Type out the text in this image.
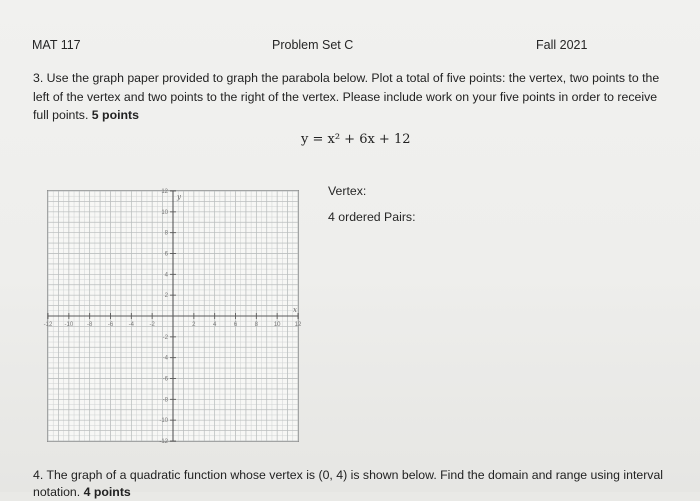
MAT 117	Problem Set C	Fall 2021
3. Use the graph paper provided to graph the parabola below. Plot a total of five points: the vertex, two points to the left of the vertex and two points to the right of the vertex. Please include work on your five points in order to receive full points. 5 points
y = x² + 6x + 12
-12 -10 -8	-6	-4	-2	2	4	6	8	10 12
12
10
8
6
4
2
-2
-4
-6
-8
-10
-12
x
y	Vertex:
4 ordered Pairs:
4. The graph of a quadratic function whose vertex is (0, 4) is shown below. Find the domain and range using interval notation. 4 points
